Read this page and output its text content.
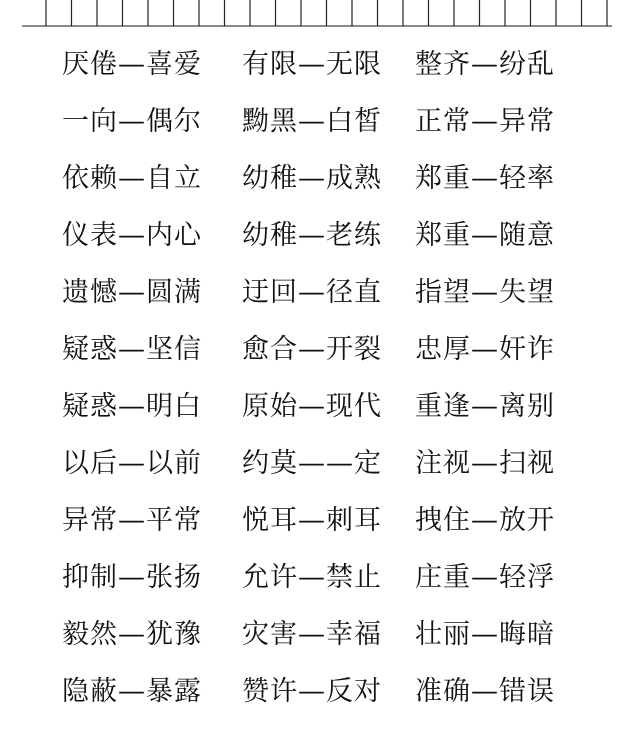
厌倦—喜爱	有限—无限	整齐—纷乱
一向—偶尔	黝黑—白皙	正常—异常
依赖—自立	幼稚—成熟	郑重—轻率
仪表—内心	幼稚—老练	郑重—随意
遗憾—圆满	迂回—径直	指望—失望
疑惑—坚信	愈合—开裂	忠厚—奸诈
疑惑—明白	原始—现代	重逢—离别
以后—以前	约莫——定	注视—扫视
异常—平常	悦耳—刺耳	拽住—放开
抑制—张扬	允许—禁止	庄重—轻浮
毅然—犹豫	灾害—幸福	壮丽—晦暗
隐蔽—暴露	赞许—反对	准确—错误
